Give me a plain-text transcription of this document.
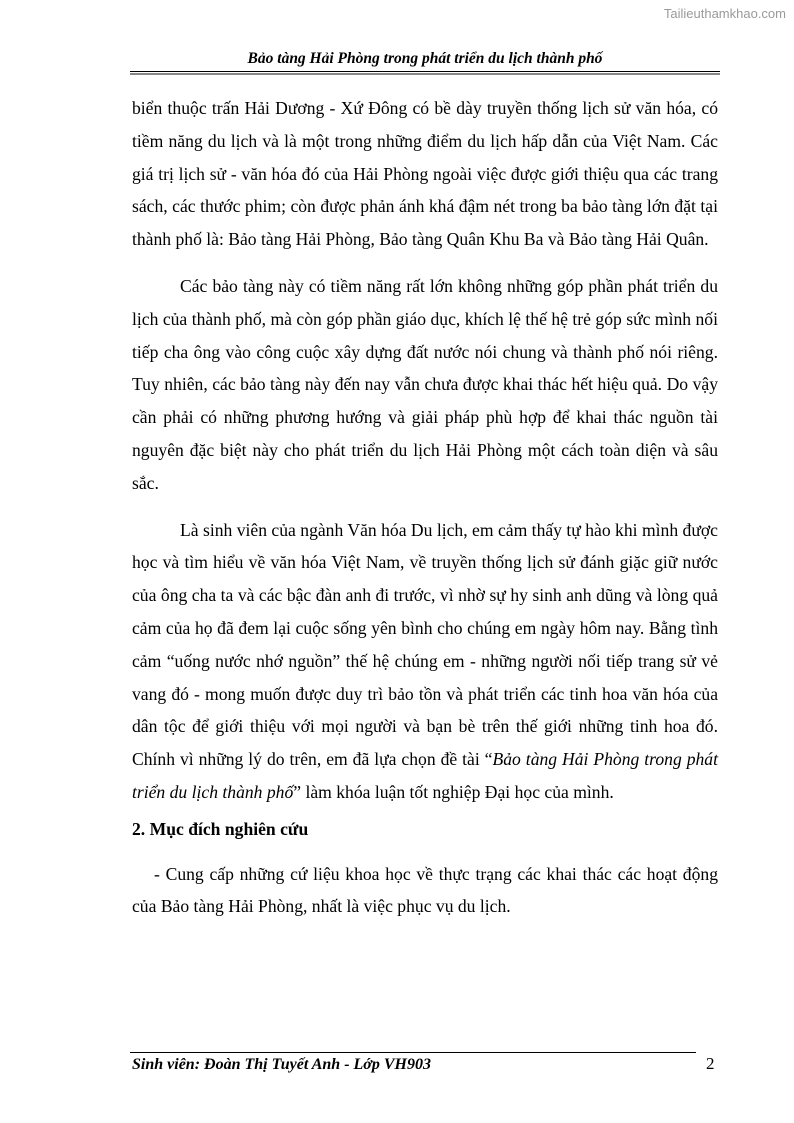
Tailieuthamkhao.com
Bảo tàng Hải Phòng trong phát triển du lịch thành phố

biển thuộc trấn Hải Dương - Xứ Đông có bề dày truyền thống lịch sử văn hóa, có tiềm năng du lịch và là một trong những điểm du lịch hấp dẫn của Việt Nam. Các giá trị lịch sử - văn hóa đó của Hải Phòng ngoài việc được giới thiệu qua các trang sách, các thước phim; còn được phản ánh khá đậm nét trong ba bảo tàng lớn đặt tại thành phố là: Bảo tàng Hải Phòng, Bảo tàng Quân Khu Ba và Bảo tàng Hải Quân.

Các bảo tàng này có tiềm năng rất lớn không những góp phần phát triển du lịch của thành phố, mà còn góp phần giáo dục, khích lệ thế hệ trẻ góp sức mình nối tiếp cha ông vào công cuộc xây dựng đất nước nói chung và thành phố nói riêng. Tuy nhiên, các bảo tàng này đến nay vẫn chưa được khai thác hết hiệu quả. Do vậy cần phải có những phương hướng và giải pháp phù hợp để khai thác nguồn tài nguyên đặc biệt này cho phát triển du lịch Hải Phòng một cách toàn diện và sâu sắc.

Là sinh viên của ngành Văn hóa Du lịch, em cảm thấy tự hào khi mình được học và tìm hiểu về văn hóa Việt Nam, về truyền thống lịch sử đánh giặc giữ nước của ông cha ta và các bậc đàn anh đi trước, vì nhờ sự hy sinh anh dũng và lòng quả cảm của họ đã đem lại cuộc sống yên bình cho chúng em ngày hôm nay. Bằng tình cảm “uống nước nhớ nguồn” thế hệ chúng em - những người nối tiếp trang sử vẻ vang đó - mong muốn được duy trì bảo tồn và phát triển các tinh hoa văn hóa của dân tộc để giới thiệu với mọi người và bạn bè trên thế giới những tinh hoa đó. Chính vì những lý do trên, em đã lựa chọn đề tài “Bảo tàng Hải Phòng trong phát triển du lịch thành phố” làm khóa luận tốt nghiệp Đại học của mình.

2. Mục đích nghiên cứu

- Cung cấp những cứ liệu khoa học về thực trạng các khai thác các hoạt động của Bảo tàng Hải Phòng, nhất là việc phục vụ du lịch.

Sinh viên: Đoàn Thị Tuyết Anh - Lớp VH903	2
